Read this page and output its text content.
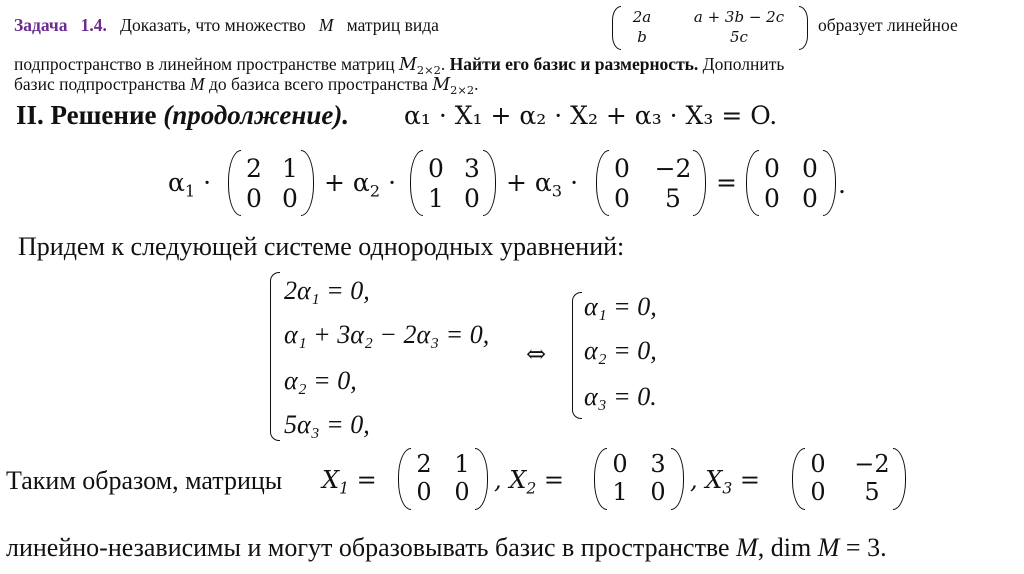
Задача 1.4. Доказать, что множество M матриц вида	2a	a + 3b − 2c
b	5c
образует линейное
подпространство в линейном пространстве матриц $M_{2\times 2}$. Найти его базис и размерность. Дополнить
базис подпространства M до базиса всего пространства $M_{2\times 2}$.
II. Решение (продолжение). α₁ · X₁ + α₂ · X₂ + α₃ · X₃ = O.
$\alpha_1$ ·	2 1
0 0
+ $\alpha_2$ ·	0 3
1 0
+ $\alpha_3$ ·	0 −2
0	5
=	0 0
0 0 .
Придем к следующей системе однородных уравнений:
2α₁ = 0,
α₁ + 3α₂ − 2α₃ = 0,
α₂ = 0,
5α₃ = 0,
⇔
α₁ = 0,
α₂ = 0,
α₃ = 0.
Таким образом, матрицы $X_1$ =
2 1
0 0	, $X_2$ =
0 3
1 0	, $X_3$ =
0	−2
0	5
линейно-независимы и могут образовывать базис в пространстве M, dim M = 3.
